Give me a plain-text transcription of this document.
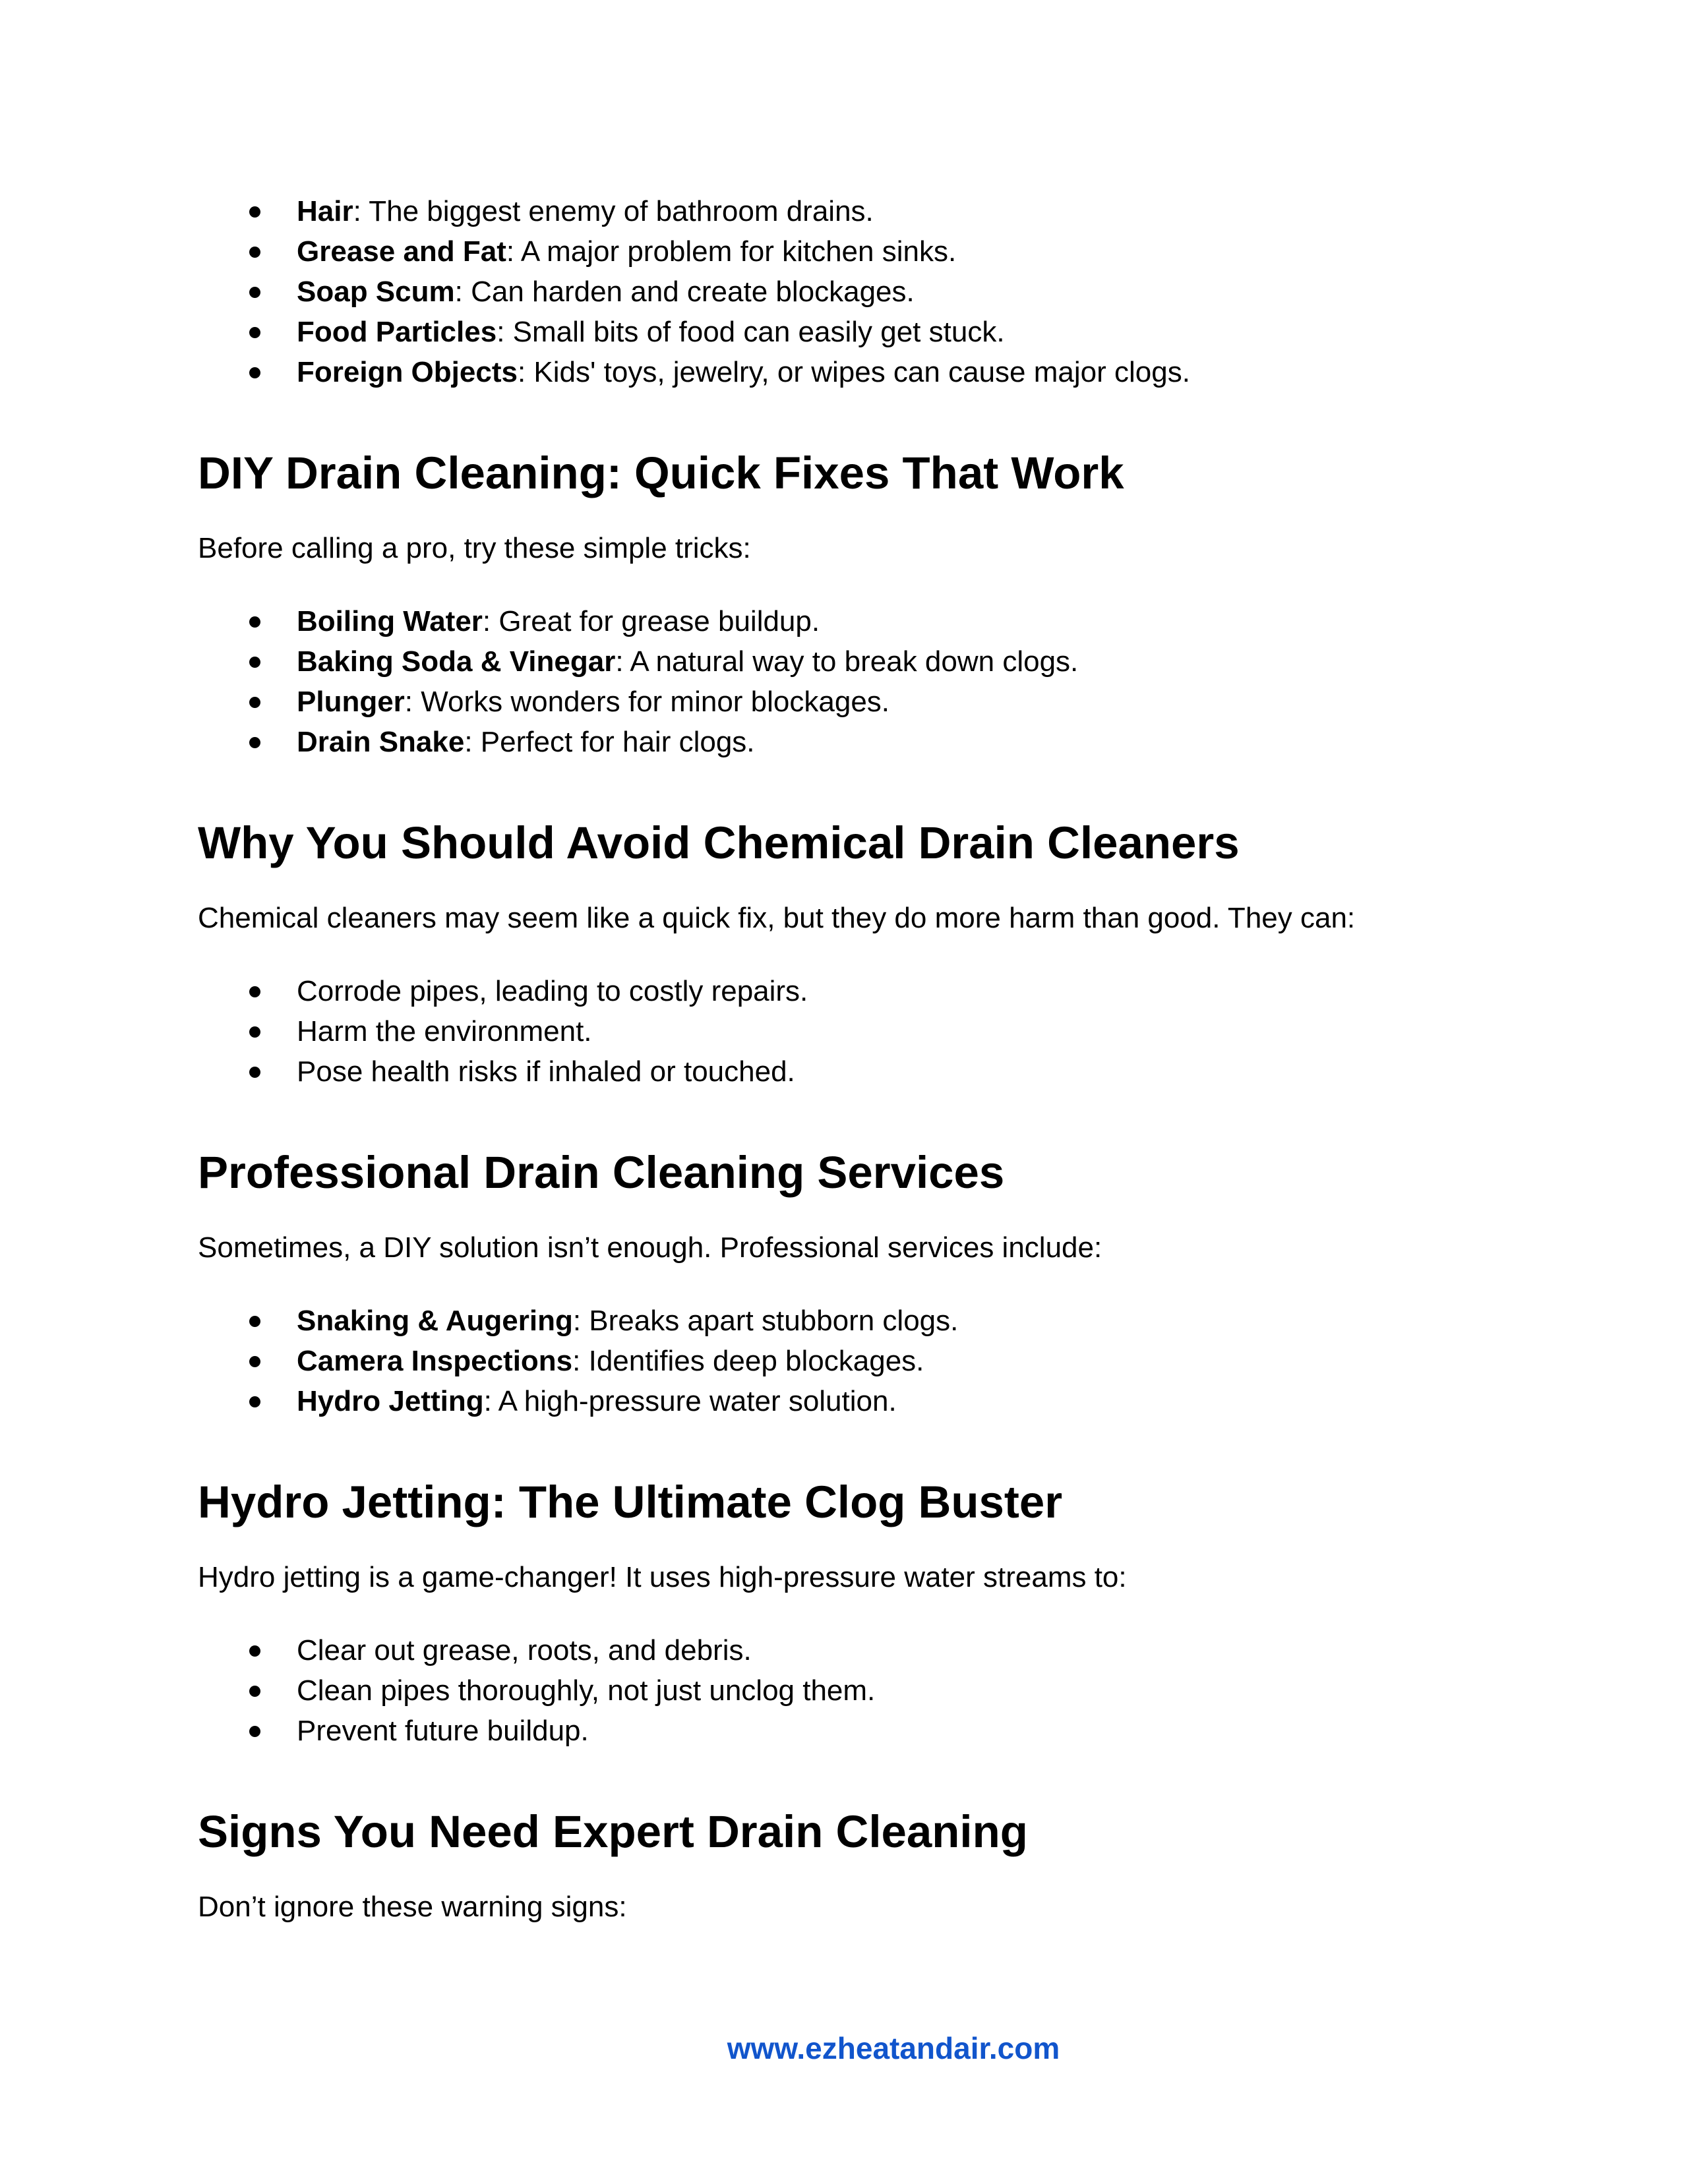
Hair: The biggest enemy of bathroom drains.
Grease and Fat: A major problem for kitchen sinks.
Soap Scum: Can harden and create blockages.
Food Particles: Small bits of food can easily get stuck.
Foreign Objects: Kids' toys, jewelry, or wipes can cause major clogs.
DIY Drain Cleaning: Quick Fixes That Work

Before calling a pro, try these simple tricks:

Boiling Water: Great for grease buildup.
Baking Soda & Vinegar: A natural way to break down clogs.
Plunger: Works wonders for minor blockages.
Drain Snake: Perfect for hair clogs.
Why You Should Avoid Chemical Drain Cleaners

Chemical cleaners may seem like a quick fix, but they do more harm than good. They can:

Corrode pipes, leading to costly repairs.
Harm the environment.
Pose health risks if inhaled or touched.
Professional Drain Cleaning Services

Sometimes, a DIY solution isn’t enough. Professional services include:

Snaking & Augering: Breaks apart stubborn clogs.
Camera Inspections: Identifies deep blockages.
Hydro Jetting: A high-pressure water solution.
Hydro Jetting: The Ultimate Clog Buster

Hydro jetting is a game-changer! It uses high-pressure water streams to:

Clear out grease, roots, and debris.
Clean pipes thoroughly, not just unclog them.
Prevent future buildup.
Signs You Need Expert Drain Cleaning

Don’t ignore these warning signs:

www.ezheatandair.com
